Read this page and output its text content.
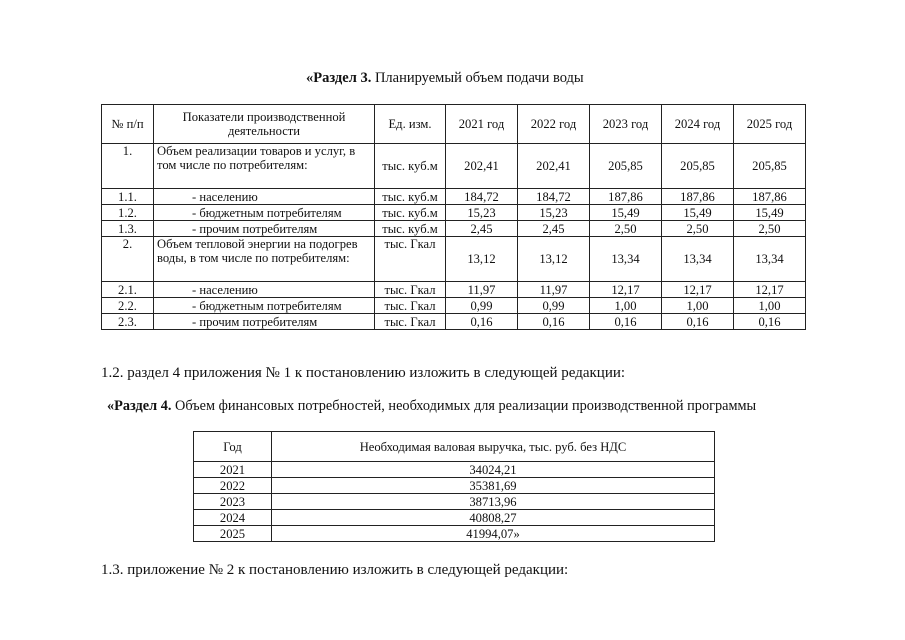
«Раздел 3. Планируемый объем подачи воды
№ п/п	Показатели производственной деятельности	Ед. изм.	2021 год	2022 год	2023 год	2024 год	2025 год
1.	Объем реализации товаров и услуг, в том числе по потребителям:	тыс. куб.м	202,41	202,41	205,85	205,85	205,85
1.1.	- населению	тыс. куб.м	184,72	184,72	187,86	187,86	187,86
1.2.	- бюджетным потребителям	тыс. куб.м	15,23	15,23	15,49	15,49	15,49
1.3.	- прочим потребителям	тыс. куб.м	2,45	2,45	2,50	2,50	2,50
2.	Объем тепловой энергии на подогрев воды, в том числе по потребителям:	тыс. Гкал	13,12	13,12	13,34	13,34	13,34
2.1.	- населению	тыс. Гкал	11,97	11,97	12,17	12,17	12,17
2.2.	- бюджетным потребителям	тыс. Гкал	0,99	0,99	1,00	1,00	1,00
2.3.	- прочим потребителям	тыс. Гкал	0,16	0,16	0,16	0,16	0,16
1.2. раздел 4 приложения № 1 к постановлению изложить в следующей редакции:
«Раздел 4. Объем финансовых потребностей, необходимых для реализации производственной программы
Год	Необходимая валовая выручка, тыс. руб. без НДС
2021	34024,21
2022	35381,69
2023	38713,96
2024	40808,27
2025	41994,07»
1.3. приложение № 2 к постановлению изложить в следующей редакции:
